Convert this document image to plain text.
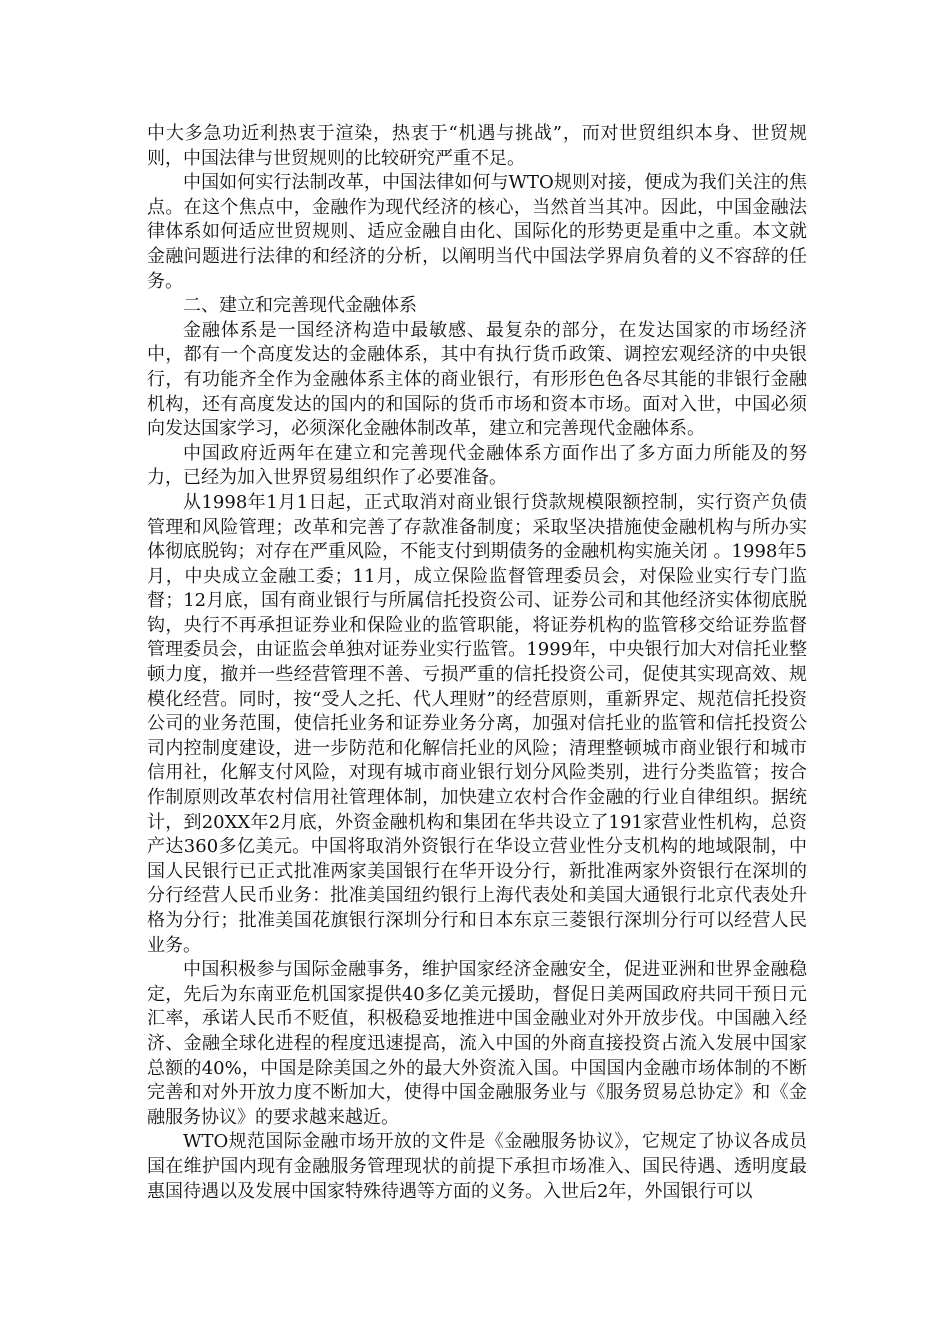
中大多急功近利热衷于渲染，热衷于“机遇与挑战”，而对世贸组织本身、世贸规则，中国法律与世贸规则的比较研究严重不足。

中国如何实行法制改革，中国法律如何与WTO规则对接，便成为我们关注的焦点。在这个焦点中，金融作为现代经济的核心，当然首当其冲。因此，中国金融法律体系如何适应世贸规则、适应金融自由化、国际化的形势更是重中之重。本文就金融问题进行法律的和经济的分析，以阐明当代中国法学界肩负着的义不容辞的任务。

二、建立和完善现代金融体系

金融体系是一国经济构造中最敏感、最复杂的部分，在发达国家的市场经济中，都有一个高度发达的金融体系，其中有执行货币政策、调控宏观经济的中央银行，有功能齐全作为金融体系主体的商业银行，有形形色色各尽其能的非银行金融机构，还有高度发达的国内的和国际的货币市场和资本市场。面对入世，中国必须向发达国家学习，必须深化金融体制改革，建立和完善现代金融体系。

中国政府近两年在建立和完善现代金融体系方面作出了多方面力所能及的努力，已经为加入世界贸易组织作了必要准备。

从1998年1月1日起，正式取消对商业银行贷款规模限额控制，实行资产负债管理和风险管理；改革和完善了存款准备制度；采取坚决措施使金融机构与所办实体彻底脱钩；对存在严重风险，不能支付到期债务的金融机构实施关闭 。1998年5月，中央成立金融工委；11月，成立保险监督管理委员会，对保险业实行专门监督；12月底，国有商业银行与所属信托投资公司、证券公司和其他经济实体彻底脱钩，央行不再承担证券业和保险业的监管职能，将证券机构的监管移交给证券监督管理委员会，由证监会单独对证券业实行监管。1999年，中央银行加大对信托业整顿力度，撤并一些经营管理不善、亏损严重的信托投资公司，促使其实现高效、规模化经营。同时，按“受人之托、代人理财”的经营原则，重新界定、规范信托投资公司的业务范围，使信托业务和证券业务分离，加强对信托业的监管和信托投资公司内控制度建设，进一步防范和化解信托业的风险；清理整顿城市商业银行和城市信用社，化解支付风险，对现有城市商业银行划分风险类别，进行分类监管；按合作制原则改革农村信用社管理体制，加快建立农村合作金融的行业自律组织。据统计，到20XX年2月底，外资金融机构和集团在华共设立了191家营业性机构，总资产达360多亿美元。中国将取消外资银行在华设立营业性分支机构的地域限制，中国人民银行已正式批准两家美国银行在华开设分行，新批准两家外资银行在深圳的分行经营人民币业务：批准美国纽约银行上海代表处和美国大通银行北京代表处升格为分行；批准美国花旗银行深圳分行和日本东京三菱银行深圳分行可以经营人民业务。

中国积极参与国际金融事务，维护国家经济金融安全，促进亚洲和世界金融稳定，先后为东南亚危机国家提供40多亿美元援助，督促日美两国政府共同干预日元汇率，承诺人民币不贬值，积极稳妥地推进中国金融业对外开放步伐。中国融入经济、金融全球化进程的程度迅速提高，流入中国的外商直接投资占流入发展中国家总额的40%，中国是除美国之外的最大外资流入国。中国国内金融市场体制的不断完善和对外开放力度不断加大，使得中国金融服务业与《服务贸易总协定》和《金融服务协议》的要求越来越近。

WTO规范国际金融市场开放的文件是《金融服务协议》，它规定了协议各成员国在维护国内现有金融服务管理现状的前提下承担市场准入、国民待遇、透明度最惠国待遇以及发展中国家特殊待遇等方面的义务。入世后2年，外国银行可以
